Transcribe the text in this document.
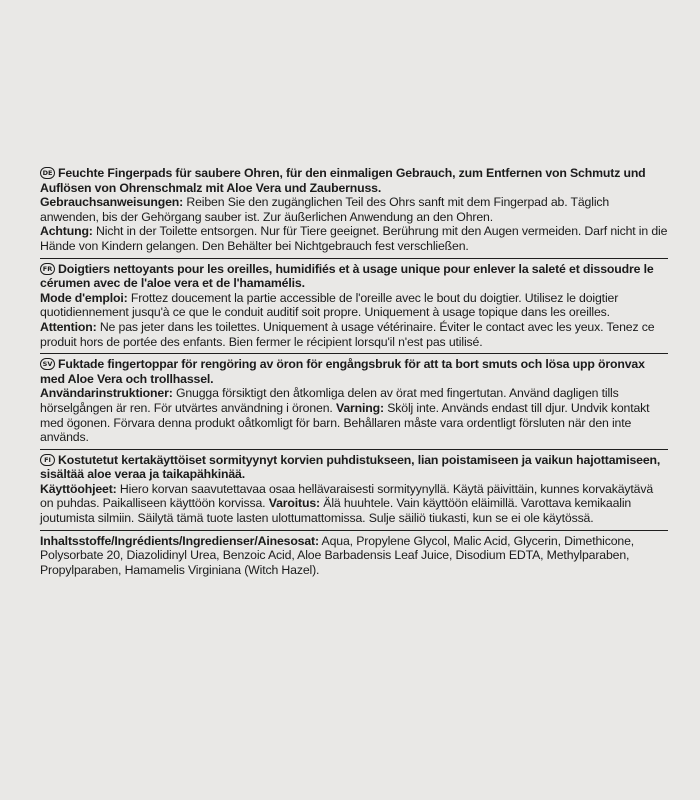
DE Feuchte Fingerpads für saubere Ohren, für den einmaligen Gebrauch, zum Entfernen von Schmutz und Auflösen von Ohrenschmalz mit Aloe Vera und Zaubernuss.

Gebrauchsanweisungen: Reiben Sie den zugänglichen Teil des Ohrs sanft mit dem Fingerpad ab. Täglich anwenden, bis der Gehörgang sauber ist. Zur äußerlichen Anwendung an den Ohren.
Achtung: Nicht in der Toilette entsorgen. Nur für Tiere geeignet. Berührung mit den Augen vermeiden. Darf nicht in die Hände von Kindern gelangen. Den Behälter bei Nichtgebrauch fest verschließen.

FR Doigtiers nettoyants pour les oreilles, humidifiés et à usage unique pour enlever la saleté et dissoudre le cérumen avec de l'aloe vera et de l'hamamélis.

Mode d'emploi: Frottez doucement la partie accessible de l'oreille avec le bout du doigtier. Utilisez le doigtier quotidiennement jusqu'à ce que le conduit auditif soit propre. Uniquement à usage topique dans les oreilles. Attention: Ne pas jeter dans les toilettes. Uniquement à usage vétérinaire. Éviter le contact avec les yeux. Tenez ce produit hors de portée des enfants. Bien fermer le récipient lorsqu'il n'est pas utilisé.

SV Fuktade fingertoppar för rengöring av öron för engångsbruk för att ta bort smuts och lösa upp öronvax med Aloe Vera och trollhassel.

Användarinstruktioner: Gnugga försiktigt den åtkomliga delen av örat med fingertutan. Använd dagligen tills hörselgången är ren. För utvärtes användning i öronen. Varning: Skölj inte. Används endast till djur. Undvik kontakt med ögonen. Förvara denna produkt oåtkomligt för barn. Behållaren måste vara ordentligt försluten när den inte används.

FI Kostutetut kertakäyttöiset sormityynyt korvien puhdistukseen, lian poistamiseen ja vaikun hajottamiseen, sisältää aloe veraa ja taikapähkinää.

Käyttöohjeet: Hiero korvan saavutettavaa osaa hellävaraisesti sormityynyllä. Käytä päivittäin, kunnes korvakäytävä on puhdas. Paikalliseen käyttöön korvissa. Varoitus: Älä huuhtele. Vain käyttöön eläimillä. Varottava kemikaalin joutumista silmiin. Säilytä tämä tuote lasten ulottumattomissa. Sulje säiliö tiukasti, kun se ei ole käytössä.

Inhaltsstoffe/Ingrédients/Ingredienser/Ainesosat: Aqua, Propylene Glycol, Malic Acid, Glycerin, Dimethicone, Polysorbate 20, Diazolidinyl Urea, Benzoic Acid, Aloe Barbadensis Leaf Juice, Disodium EDTA, Methylparaben, Propylparaben, Hamamelis Virginiana (Witch Hazel).
